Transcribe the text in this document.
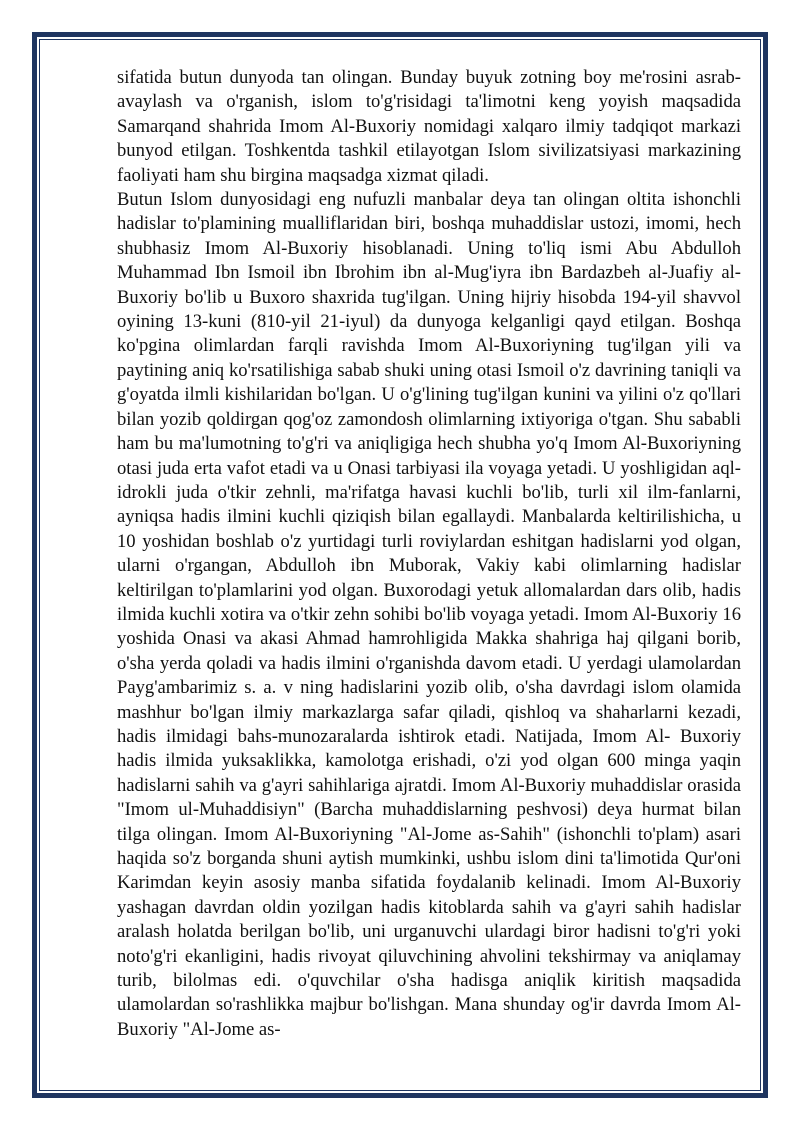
sifatida butun dunyoda tan olingan. Bunday buyuk zotning boy me'rosini asrab-avaylash va o'rganish, islom to'g'risidagi ta'limotni keng yoyish maqsadida Samarqand shahrida Imom Al-Buxoriy nomidagi xalqaro ilmiy tadqiqot markazi bunyod etilgan. Toshkentda tashkil etilayotgan Islom sivilizatsiyasi markazining faoliyati ham shu birgina maqsadga xizmat qiladi.

Butun Islom dunyosidagi eng nufuzli manbalar deya tan olingan oltita ishonchli hadislar to'plamining mualliflaridan biri, boshqa muhaddislar ustozi, imomi, hech shubhasiz Imom Al-Buxoriy hisoblanadi. Uning to'liq ismi Abu Abdulloh Muhammad Ibn Ismoil ibn Ibrohim ibn al-Mug'iyra ibn Bardazbeh al-Juafiy al-Buxoriy bo'lib u Buxoro shaxrida tug'ilgan. Uning hijriy hisobda 194-yil shavvol oyining 13-kuni (810-yil 21-iyul) da dunyoga kelganligi qayd etilgan. Boshqa ko'pgina olimlardan farqli ravishda Imom Al-Buxoriyning tug'ilgan yili va paytining aniq ko'rsatilishiga sabab shuki uning otasi Ismoil o'z davrining taniqli va g'oyatda ilmli kishilaridan bo'lgan. U o'g'lining tug'ilgan kunini va yilini o'z qo'llari bilan yozib qoldirgan qog'oz zamondosh olimlarning ixtiyoriga o'tgan. Shu sababli ham bu ma'lumotning to'g'ri va aniqligiga hech shubha yo'q Imom Al-Buxoriyning otasi juda erta vafot etadi va u Onasi tarbiyasi ila voyaga yetadi. U yoshligidan aql-idrokli juda o'tkir zehnli, ma'rifatga havasi kuchli bo'lib, turli xil ilm-fanlarni, ayniqsa hadis ilmini kuchli qiziqish bilan egallaydi. Manbalarda keltirilishicha, u 10 yoshidan boshlab o'z yurtidagi turli roviylardan eshitgan hadislarni yod olgan, ularni o'rgangan, Abdulloh ibn Muborak, Vakiy kabi olimlarning hadislar keltirilgan to'plamlarini yod olgan. Buxorodagi yetuk allomalardan dars olib, hadis ilmida kuchli xotira va o'tkir zehn sohibi bo'lib voyaga yetadi. Imom Al-Buxoriy 16 yoshida Onasi va akasi Ahmad hamrohligida Makka shahriga haj qilgani borib, o'sha yerda qoladi va hadis ilmini o'rganishda davom etadi. U yerdagi ulamolardan Payg'ambarimiz s. a. v ning hadislarini yozib olib, o'sha davrdagi islom olamida mashhur bo'lgan ilmiy markazlarga safar qiladi, qishloq va shaharlarni kezadi, hadis ilmidagi bahs-munozaralarda ishtirok etadi. Natijada, Imom Al- Buxoriy hadis ilmida yuksaklikka, kamolotga erishadi, o'zi yod olgan 600 minga yaqin hadislarni sahih va g'ayri sahihlariga ajratdi. Imom Al-Buxoriy muhaddislar orasida "Imom ul-Muhaddisiyn" (Barcha muhaddislarning peshvosi) deya hurmat bilan tilga olingan. Imom Al-Buxoriyning "Al-Jome as-Sahih" (ishonchli to'plam) asari haqida so'z borganda shuni aytish mumkinki, ushbu islom dini ta'limotida Qur'oni Karimdan keyin asosiy manba sifatida foydalanib kelinadi. Imom Al-Buxoriy yashagan davrdan oldin yozilgan hadis kitoblarda sahih va g'ayri sahih hadislar aralash holatda berilgan bo'lib, uni urganuvchi ulardagi biror hadisni to'g'ri yoki noto'g'ri ekanligini, hadis rivoyat qiluvchining ahvolini tekshirmay va aniqlamay turib, bilolmas edi. o'quvchilar o'sha hadisga aniqlik kiritish maqsadida ulamolardan so'rashlikka majbur bo'lishgan. Mana shunday og'ir davrda Imom Al-Buxoriy "Al-Jome as-
